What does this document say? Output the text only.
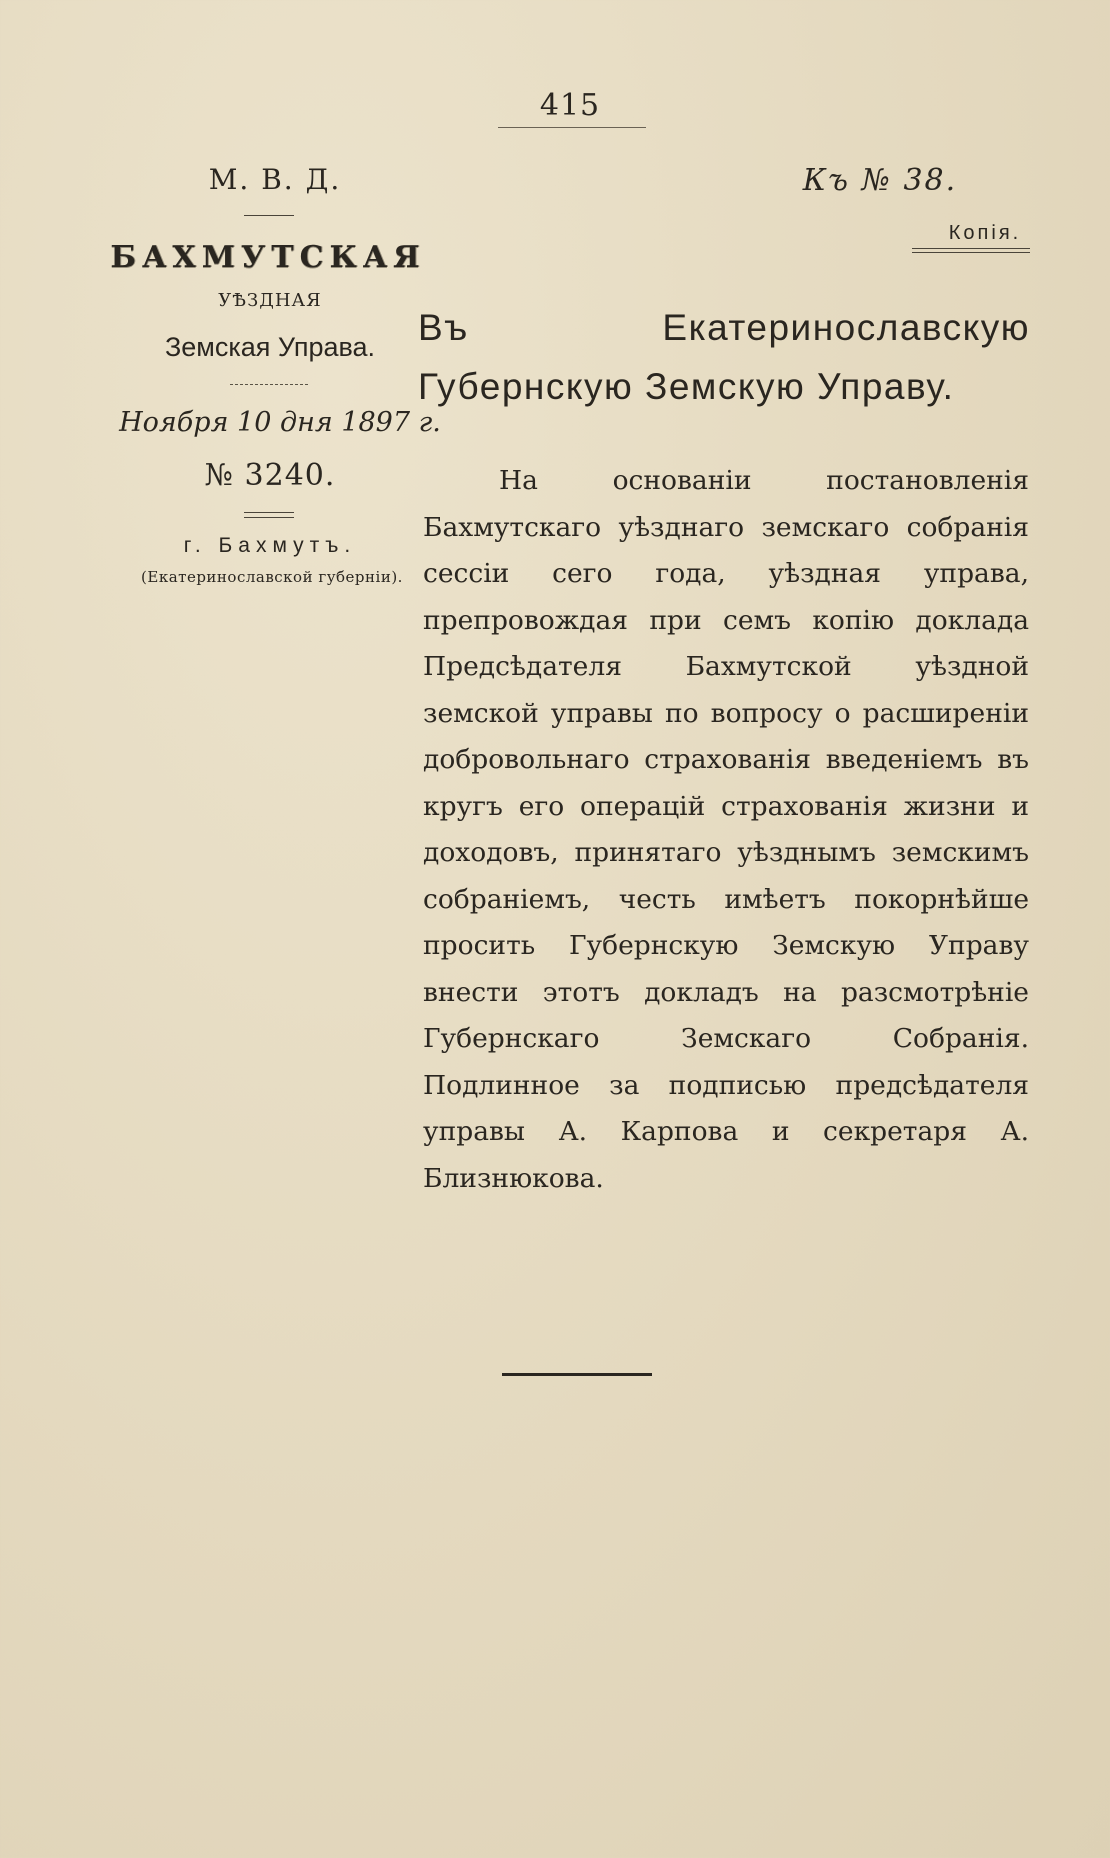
415
М. В. Д.
БАХМУТСКАЯ
УѢЗДНАЯ
Земская Управа.
Ноября 10 дня 1897 г.
№ 3240.
г. Бахмутъ.
(Екатеринославской губерніи).
Къ № 38.
Копія.
Въ Екатеринославскую Губернскую Земскую Управу.
На основаніи постановленія Бахмутскаго уѣзднаго земскаго собранія сессіи сего года, уѣздная управа, препровождая при семъ копію доклада Предсѣдателя Бахмутской уѣздной земской управы по вопросу о расширеніи добровольнаго страхованія введеніемъ въ кругъ его операцій страхованія жизни и доходовъ, принятаго уѣзднымъ земскимъ собраніемъ, честь имѣетъ покорнѣйше просить Губернскую Земскую Управу внести этотъ докладъ на разсмотрѣніе Губернскаго Земскаго Собранія. Подлинное за подписью предсѣдателя управы А. Карпова и секретаря А. Близнюкова.
